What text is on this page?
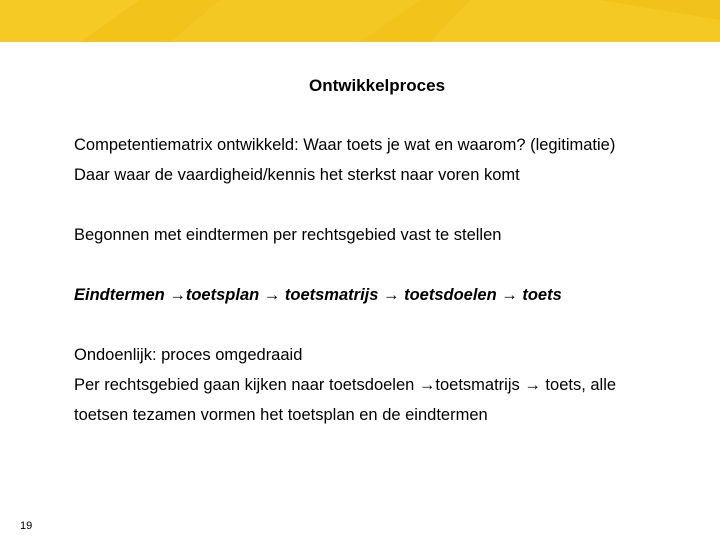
Ontwikkelproces
Competentiematrix ontwikkeld: Waar toets je wat en waarom? (legitimatie)
Daar waar de vaardigheid/kennis het sterkst naar voren komt
Begonnen met eindtermen per rechtsgebied vast te stellen
Eindtermen →toetsplan → toetsmatrijs → toetsdoelen → toets
Ondoenlijk: proces omgedraaid
Per rechtsgebied gaan kijken naar toetsdoelen →toetsmatrijs → toets, alle
toetsen tezamen vormen het toetsplan en de eindtermen
19
